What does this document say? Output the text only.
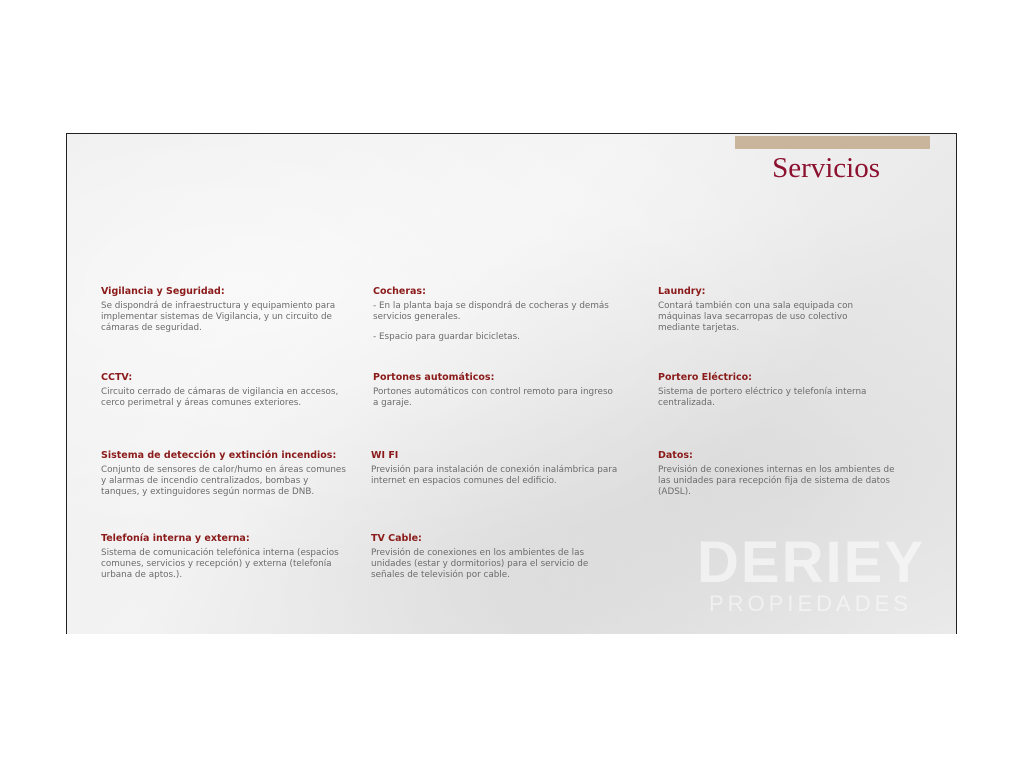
Servicios
DERIEY
PROPIEDADES
Vigilancia y Seguridad:

Se dispondrá de infraestructura y equipamiento para implementar sistemas de Vigilancia, y un circuito de cámaras de seguridad.

Cocheras:

- En la planta baja se dispondrá de cocheras y demás servicios generales.

- Espacio para guardar bicicletas.

Laundry:

Contará también con una sala equipada con máquinas lava secarropas de uso colectivo mediante tarjetas.

CCTV:

Circuito cerrado de cámaras de vigilancia en accesos, cerco perimetral y áreas comunes exteriores.

Portones automáticos:

Portones automáticos con control remoto para ingreso a garaje.

Portero Eléctrico:

Sistema de portero eléctrico y telefonía interna centralizada.

Sistema de detección y extinción incendios:

Conjunto de sensores de calor/humo en áreas comunes y alarmas de incendio centralizados, bombas y tanques, y extinguidores según normas de DNB.

WI FI

Previsión para instalación de conexión inalámbrica para internet en espacios comunes del edificio.

Datos:

Previsión de conexiones internas en los ambientes de las unidades para recepción fija de sistema de datos (ADSL).

Telefonía interna y externa:

Sistema de comunicación telefónica interna (espacios comunes, servicios y recepción) y externa (telefonía urbana de aptos.).

TV Cable:

Previsión de conexiones en los ambientes de las unidades (estar y dormitorios) para el servicio de señales de televisión por cable.
